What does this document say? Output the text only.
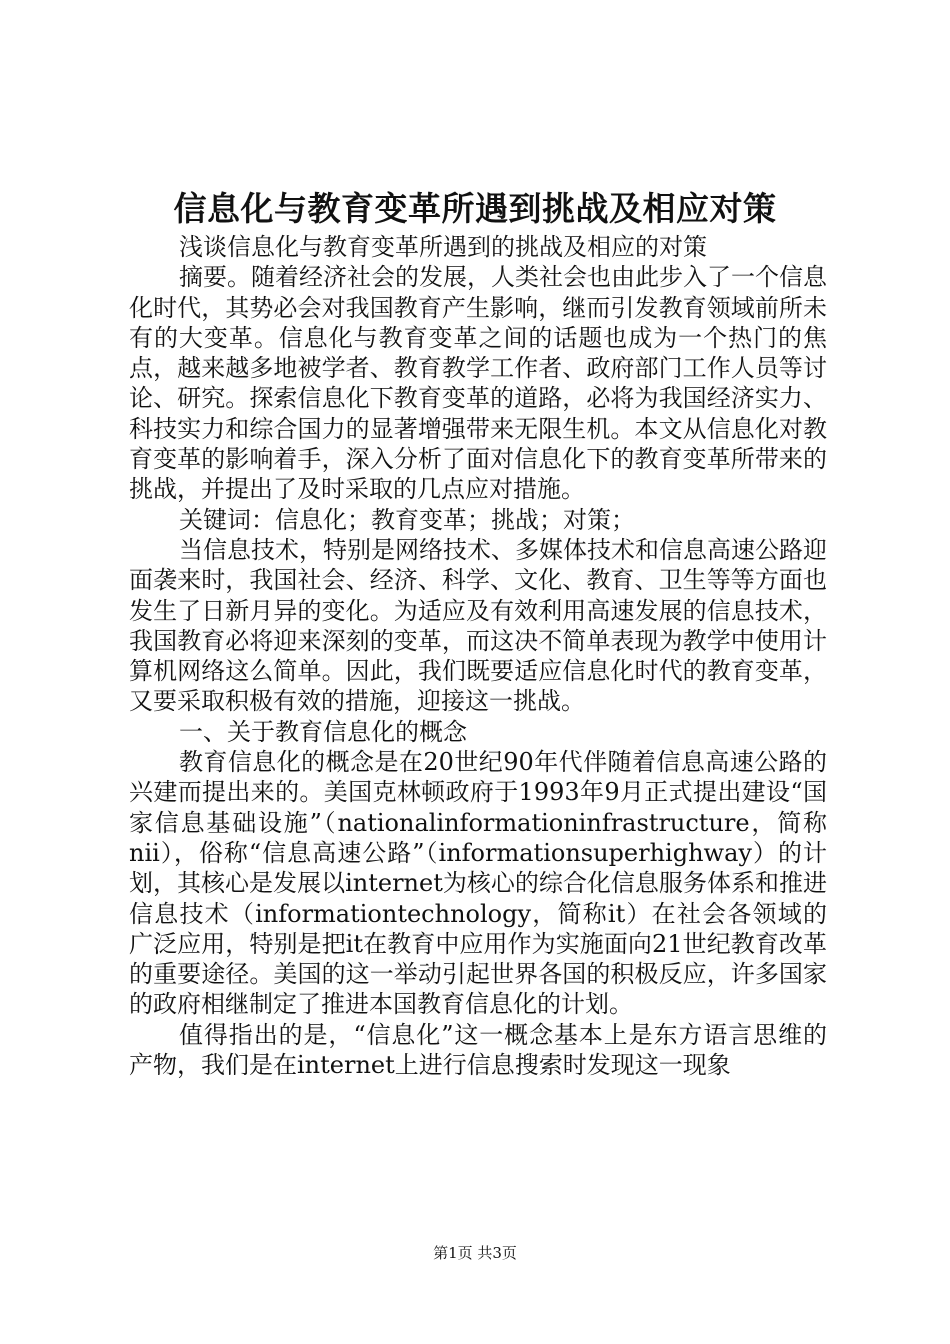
信息化与教育变革所遇到挑战及相应对策

浅谈信息化与教育变革所遇到的挑战及相应的对策

摘要。随着经济社会的发展，人类社会也由此步入了一个信息化时代，其势必会对我国教育产生影响，继而引发教育领域前所未有的大变革。信息化与教育变革之间的话题也成为一个热门的焦点，越来越多地被学者、教育教学工作者、政府部门工作人员等讨论、研究。探索信息化下教育变革的道路，必将为我国经济实力、科技实力和综合国力的显著增强带来无限生机。本文从信息化对教育变革的影响着手，深入分析了面对信息化下的教育变革所带来的挑战，并提出了及时采取的几点应对措施。

关键词：信息化；教育变革；挑战；对策；

当信息技术，特别是网络技术、多媒体技术和信息高速公路迎面袭来时，我国社会、经济、科学、文化、教育、卫生等等方面也发生了日新月异的变化。为适应及有效利用高速发展的信息技术，我国教育必将迎来深刻的变革，而这决不简单表现为教学中使用计算机网络这么简单。因此，我们既要适应信息化时代的教育变革，又要采取积极有效的措施，迎接这一挑战。

一、关于教育信息化的概念

教育信息化的概念是在20世纪90年代伴随着信息高速公路的兴建而提出来的。美国克林顿政府于1993年9月正式提出建设“国家信息基础设施”（nationalinformationinfrastructure，简称nii），俗称“信息高速公路”（informationsuperhighway）的计划，其核心是发展以internet为核心的综合化信息服务体系和推进信息技术（informationtechnology，简称it）在社会各领域的广泛应用，特别是把it在教育中应用作为实施面向21世纪教育改革的重要途径。美国的这一举动引起世界各国的积极反应，许多国家的政府相继制定了推进本国教育信息化的计划。

值得指出的是，“信息化”这一概念基本上是东方语言思维的产物，我们是在internet上进行信息搜索时发现这一现象

第1页 共3页
